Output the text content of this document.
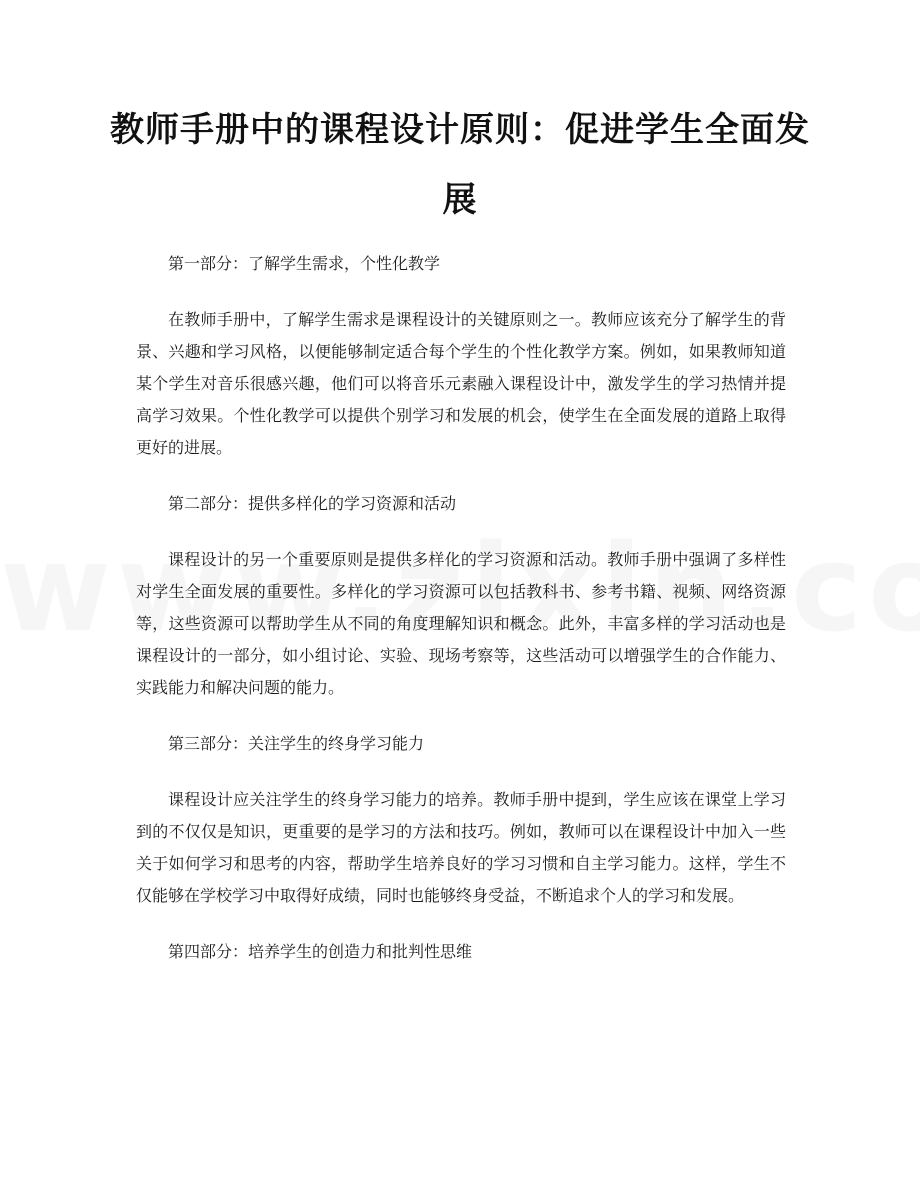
教师手册中的课程设计原则：促进学生全面发展

第一部分：了解学生需求，个性化教学

在教师手册中，了解学生需求是课程设计的关键原则之一。教师应该充分了解学生的背景、兴趣和学习风格，以便能够制定适合每个学生的个性化教学方案。例如，如果教师知道某个学生对音乐很感兴趣，他们可以将音乐元素融入课程设计中，激发学生的学习热情并提高学习效果。个性化教学可以提供个别学习和发展的机会，使学生在全面发展的道路上取得更好的进展。

第二部分：提供多样化的学习资源和活动

课程设计的另一个重要原则是提供多样化的学习资源和活动。教师手册中强调了多样性对学生全面发展的重要性。多样化的学习资源可以包括教科书、参考书籍、视频、网络资源等，这些资源可以帮助学生从不同的角度理解知识和概念。此外，丰富多样的学习活动也是课程设计的一部分，如小组讨论、实验、现场考察等，这些活动可以增强学生的合作能力、实践能力和解决问题的能力。

第三部分：关注学生的终身学习能力

课程设计应关注学生的终身学习能力的培养。教师手册中提到，学生应该在课堂上学习到的不仅仅是知识，更重要的是学习的方法和技巧。例如，教师可以在课程设计中加入一些关于如何学习和思考的内容，帮助学生培养良好的学习习惯和自主学习能力。这样，学生不仅能够在学校学习中取得好成绩，同时也能够终身受益，不断追求个人的学习和发展。

第四部分：培养学生的创造力和批判性思维
